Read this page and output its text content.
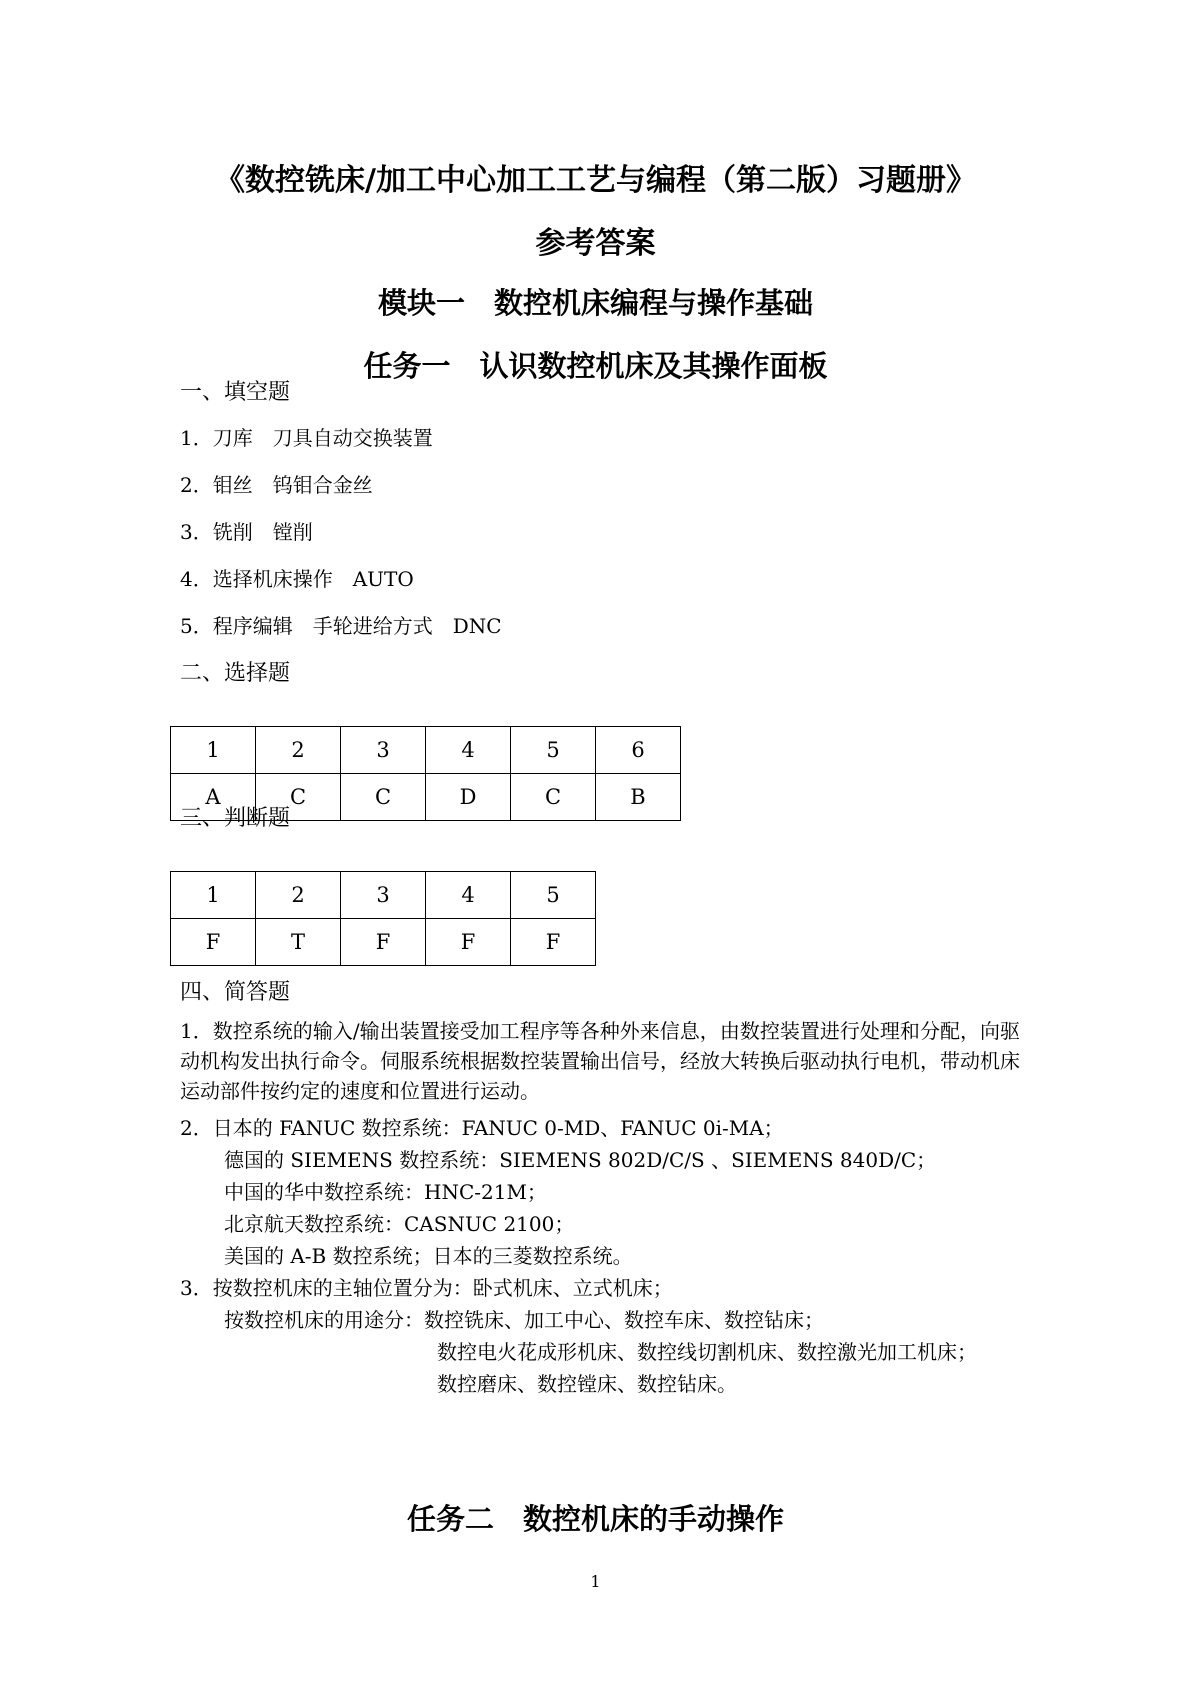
《数控铣床/加工中心加工工艺与编程（第二版）习题册》
参考答案
模块一　数控机床编程与操作基础
任务一　认识数控机床及其操作面板
一、填空题
1．刀库　刀具自动交换装置
2．钼丝　钨钼合金丝
3．铣削　镗削
4．选择机床操作　AUTO
5．程序编辑　手轮进给方式　DNC
二、选择题
1	2	3	4	5	6
A	C	C	D	C	B
三、判断题
1	2	3	4	5
F	T	F	F	F
四、简答题
1．数控系统的输入/输出装置接受加工程序等各种外来信息，由数控装置进行处理和分配，向驱动机构发出执行命令。伺服系统根据数控装置输出信号，经放大转换后驱动执行电机，带动机床运动部件按约定的速度和位置进行运动。
2．日本的 FANUC 数控系统：FANUC 0-MD、FANUC 0i-MA；
德国的 SIEMENS 数控系统：SIEMENS 802D/C/S 、SIEMENS 840D/C；
中国的华中数控系统：HNC-21M；
北京航天数控系统：CASNUC 2100；
美国的 A-B 数控系统；日本的三菱数控系统。
3．按数控机床的主轴位置分为：卧式机床、立式机床；
按数控机床的用途分：数控铣床、加工中心、数控车床、数控钻床；
数控电火花成形机床、数控线切割机床、数控激光加工机床；
数控磨床、数控镗床、数控钻床。
任务二　数控机床的手动操作
1
